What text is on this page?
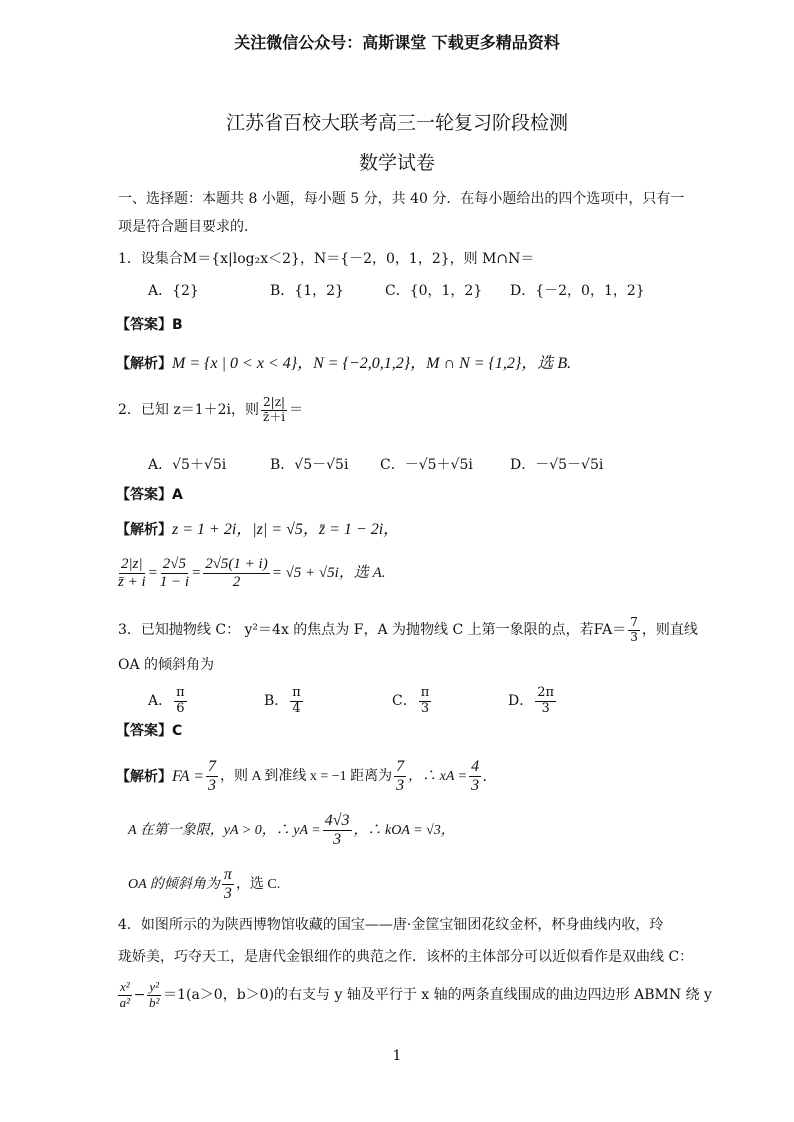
关注微信公众号：高斯课堂 下载更多精品资料
江苏省百校大联考高三一轮复习阶段检测
数学试卷
一、选择题：本题共 8 小题，每小题 5 分，共 40 分．在每小题给出的四个选项中，只有一
项是符合题目要求的．
1．设集合M＝{x|log₂x＜2}，N＝{－2，0，1，2}，则 M∩N＝
A．{2}	B．{1，2}	C．{0，1，2} D．{－2，0，1，2}
【答案】B
【解析】M = {x | 0 < x < 4}，N = {−2,0,1,2}，M ∩ N = {1,2}，选 B.
2．已知 z＝1＋2i，则 $\frac{2|z|}{z̄+i}$ ＝
A．√5＋√5i	B．√5－√5i C．－√5＋√5i	D．－√5－√5i
【答案】A
【解析】z = 1 + 2i，|z| = √5，z̄ = 1 − 2i，
$\frac{2|z|}{z̄ + i} = \frac{2√5}{1 - i} = \frac{2√5(1 + i)}{2} = √5 + √5i$，选 A.
3．已知抛物线 C： y²＝4x 的焦点为 F，A 为抛物线 C 上第一象限的点，若$FA= \frac{7}{3}$ ，则直线
OA 的倾斜角为
A． $\frac{\pi}{6}$	B． $\frac{\pi}{4}$	C． $\frac{\pi}{3}$	D． $\frac{2\pi}{3}$
【答案】C
【解析】 FA = $\frac{7}{3}$ ，则 A 到准线 x = −1 距离为 $\frac{7}{3}$ ，∴ xA = $\frac{4}{3}$ .
A 在第一象限，yA > 0，∴ yA = $\frac{4√3}{3}$ ，∴ kOA = √3，
OA 的倾斜角为 $\frac{\pi}{3}$ ，选 C.
4．如图所示的为陕西博物馆收藏的国宝——唐·金筐宝钿团花纹金杯，杯身曲线内收，玲
珑娇美，巧夺天工，是唐代金银细作的典范之作．该杯的主体部分可以近似看作是双曲线 C：
$\frac{\text{x²}}{\text{a²}} - \frac{\text{y²}}{\text{b²}} =1(a>0$，b＞0)的右支与 y 轴及平行于 x 轴的两条直线围成的曲边四边形 ABMN 绕 y
1
